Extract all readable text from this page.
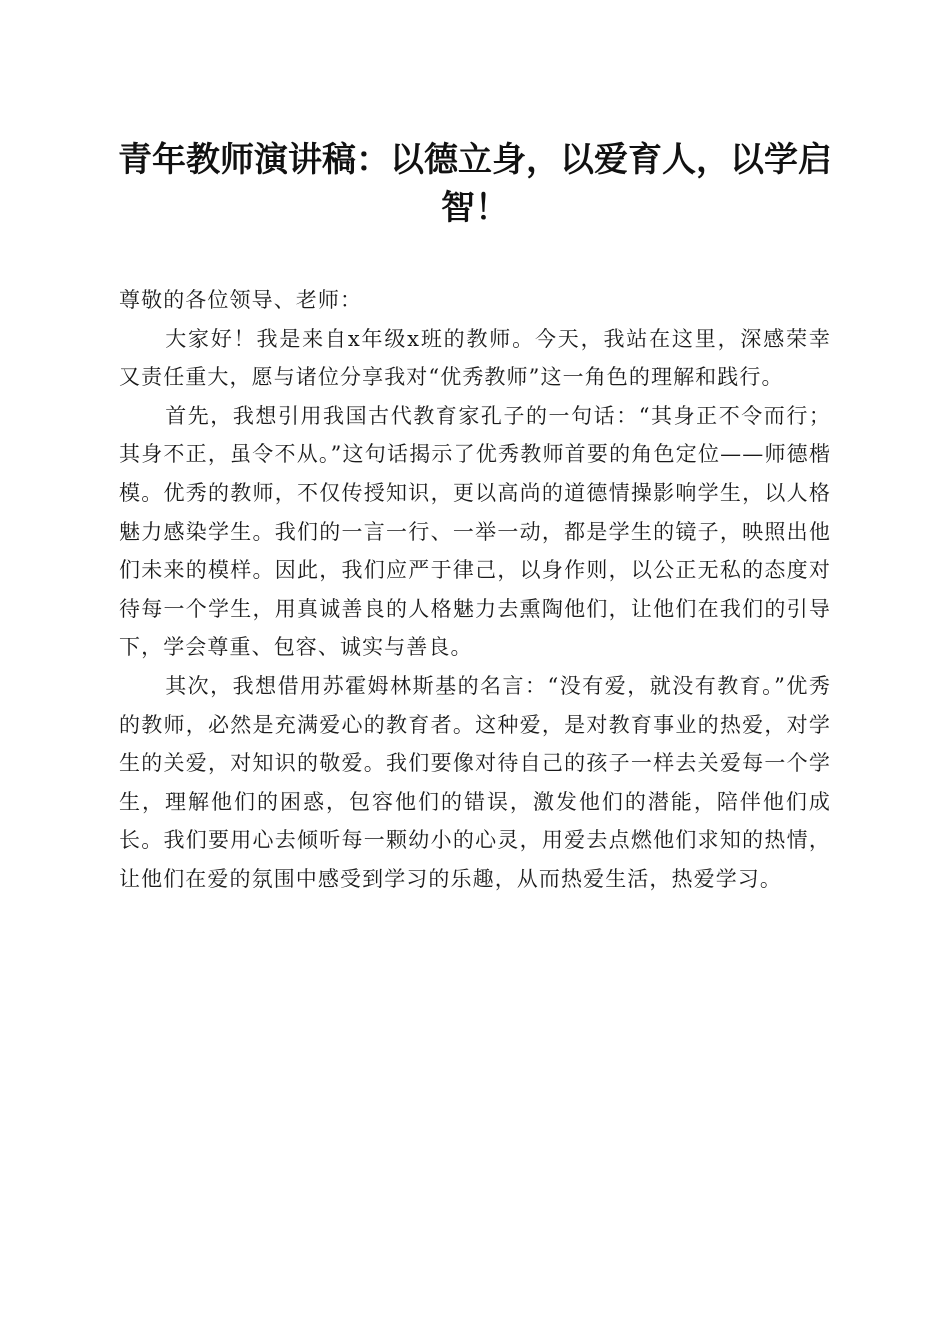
青年教师演讲稿：以德立身，以爱育人，以学启智！

尊敬的各位领导、老师：

大家好！我是来自x年级x班的教师。今天，我站在这里，深感荣幸又责任重大，愿与诸位分享我对“优秀教师”这一角色的理解和践行。

首先，我想引用我国古代教育家孔子的一句话：“其身正不令而行；其身不正，虽令不从。”这句话揭示了优秀教师首要的角色定位——师德楷模。优秀的教师，不仅传授知识，更以高尚的道德情操影响学生，以人格魅力感染学生。我们的一言一行、一举一动，都是学生的镜子，映照出他们未来的模样。因此，我们应严于律己，以身作则，以公正无私的态度对待每一个学生，用真诚善良的人格魅力去熏陶他们，让他们在我们的引导下，学会尊重、包容、诚实与善良。

其次，我想借用苏霍姆林斯基的名言：“没有爱，就没有教育。”优秀的教师，必然是充满爱心的教育者。这种爱，是对教育事业的热爱，对学生的关爱，对知识的敬爱。我们要像对待自己的孩子一样去关爱每一个学生，理解他们的困惑，包容他们的错误，激发他们的潜能，陪伴他们成长。我们要用心去倾听每一颗幼小的心灵，用爱去点燃他们求知的热情，让他们在爱的氛围中感受到学习的乐趣，从而热爱生活，热爱学习。
